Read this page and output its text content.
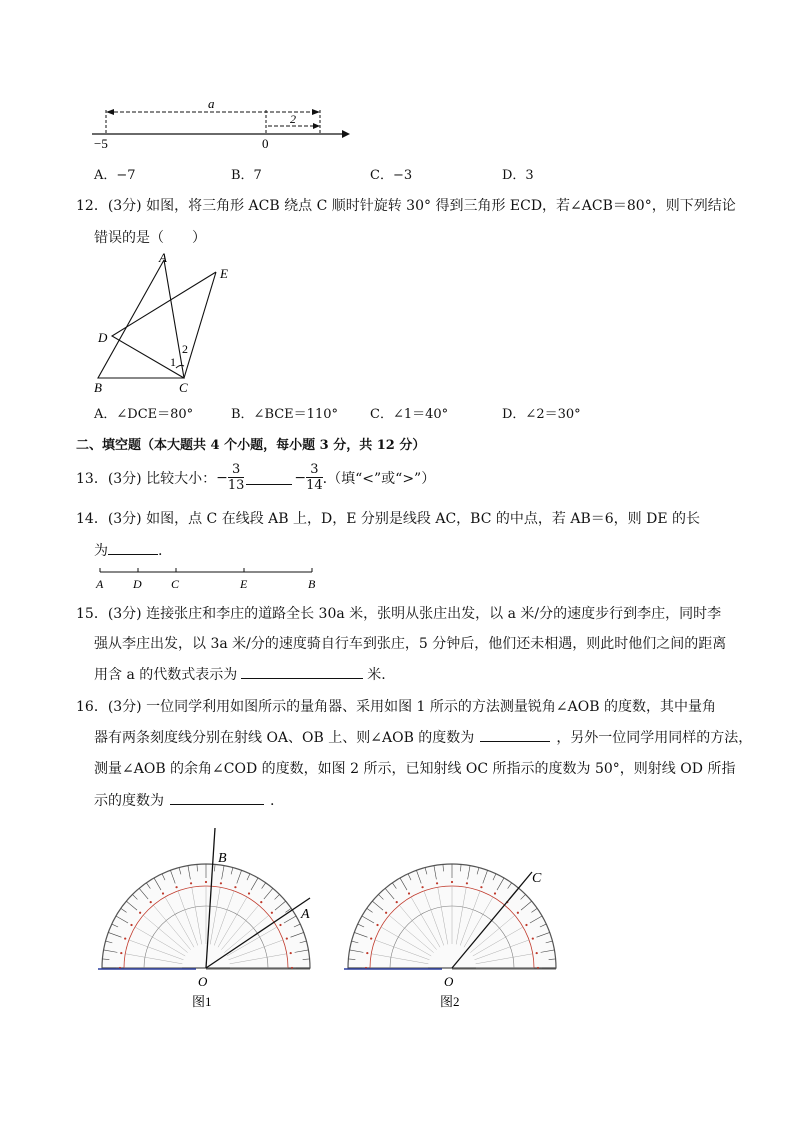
a
2
−5	0
A．−7	B．7	C．−3	D．3
12．(3分) 如图，将三角形 ACB 绕点 C 顺时针旋转 30° 得到三角形 ECD，若∠ACB＝80°，则下列结论
错误的是（　　）
A
E
D
B	C
1
2
A．∠DCE＝80°	B．∠BCE＝110° C．∠1＝40°	D．∠2＝30°
二、填空题（本大题共 4 个小题，每小题 3 分，共 12 分）
13．(3分) 比较大小： − $\frac{3}{13}$	− $\frac{3}{14}$ .（填“<”或“>”）
14．(3分) 如图，点 C 在线段 AB 上，D，E 分别是线段 AC，BC 的中点，若 AB＝6，则 DE 的长
为	.
A D C	E	B
15．(3分) 连接张庄和李庄的道路全长 30a 米，张明从张庄出发，以 a 米/分的速度步行到李庄，同时李
强从李庄出发，以 3a 米/分的速度骑自行车到张庄，5 分钟后，他们还未相遇，则此时他们之间的距离
用含 a 的代数式表示为	米.
16．(3分) 一位同学利用如图所示的量角器、采用如图 1 所示的方法测量锐角∠AOB 的度数，其中量角
器有两条刻度线分别在射线 OA、OB 上、则∠AOB 的度数为	，另外一位同学用同样的方法，
测量∠AOB 的余角∠COD 的度数，如图 2 所示，已知射线 OC 所指示的度数为 50°，则射线 OD 所指
示的度数为	.
B
A
O
图1
C
O
图2
